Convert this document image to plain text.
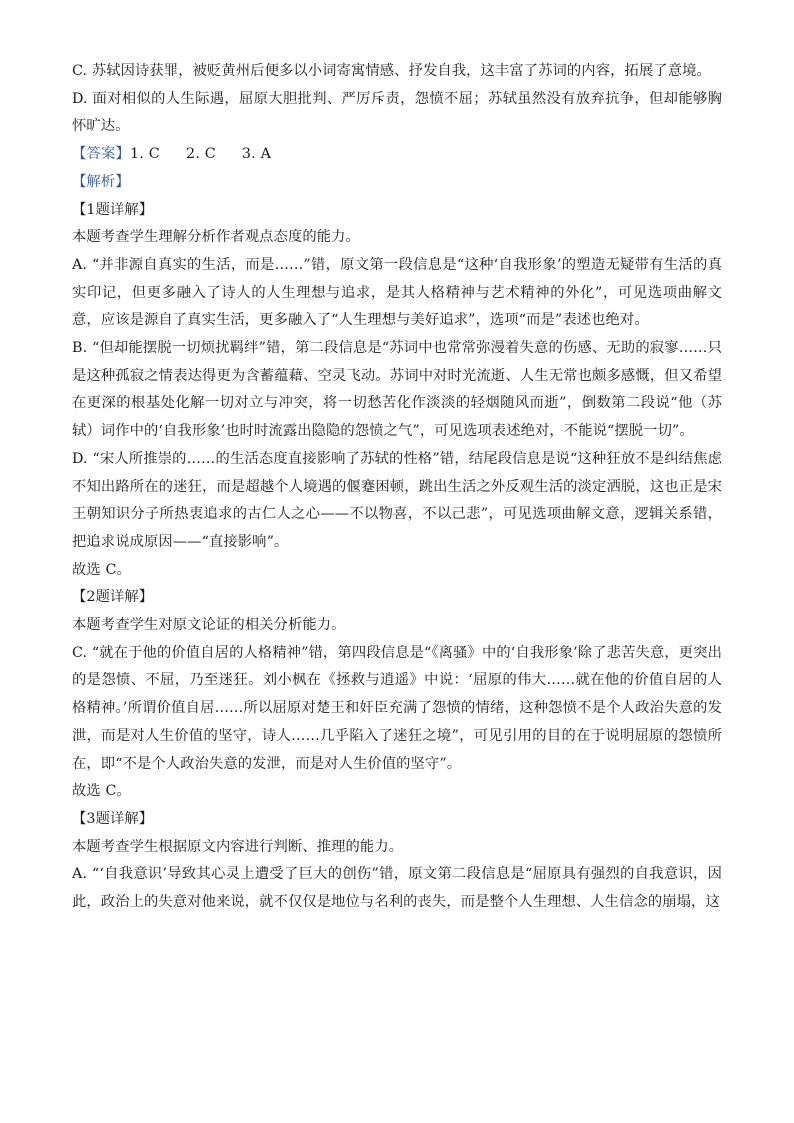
C. 苏轼因诗获罪，被贬黄州后便多以小词寄寓情感、抒发自我，这丰富了苏词的内容，拓展了意境。

D. 面对相似的人生际遇，屈原大胆批判、严厉斥责，怨愤不屈；苏轼虽然没有放弃抗争，但却能够胸怀旷达。

【答案】1. C 2. C 3. A

【解析】

【1题详解】

本题考查学生理解分析作者观点态度的能力。

A. “并非源自真实的生活，而是……”错，原文第一段信息是“这种‘自我形象’的塑造无疑带有生活的真实印记，但更多融入了诗人的人生理想与追求，是其人格精神与艺术精神的外化”，可见选项曲解文意，应该是源自了真实生活，更多融入了“人生理想与美好追求”，选项“而是”表述也绝对。

B. “但却能摆脱一切烦扰羁绊”错，第二段信息是“苏词中也常常弥漫着失意的伤感、无助的寂寥……只是这种孤寂之情表达得更为含蓄蕴藉、空灵飞动。苏词中对时光流逝、人生无常也颇多感慨，但又希望在更深的根基处化解一切对立与冲突，将一切愁苦化作淡淡的轻烟随风而逝”，倒数第二段说“他（苏轼）词作中的‘自我形象’也时时流露出隐隐的怨愤之气”，可见选项表述绝对，不能说“摆脱一切”。

D. “宋人所推崇的……的生活态度直接影响了苏轼的性格”错，结尾段信息是说“这种狂放不是纠结焦虑不知出路所在的迷狂，而是超越个人境遇的偃蹇困顿，跳出生活之外反观生活的淡定洒脱，这也正是宋王朝知识分子所热衷追求的古仁人之心——不以物喜，不以己悲”，可见选项曲解文意，逻辑关系错，把追求说成原因——“直接影响”。

故选 C。

【2题详解】

本题考查学生对原文论证的相关分析能力。

C. “就在于他的价值自居的人格精神”错，第四段信息是“《离骚》中的‘自我形象’除了悲苦失意，更突出的是怨愤、不屈，乃至迷狂。刘小枫在《拯救与逍遥》中说：‘屈原的伟大……就在他的价值自居的人格精神。’所谓价值自居……所以屈原对楚王和奸臣充满了怨愤的情绪，这种怨愤不是个人政治失意的发泄，而是对人生价值的坚守，诗人……几乎陷入了迷狂之境”，可见引用的目的在于说明屈原的怨愤所在，即“不是个人政治失意的发泄，而是对人生价值的坚守”。

故选 C。

【3题详解】

本题考查学生根据原文内容进行判断、推理的能力。

A. “‘自我意识’导致其心灵上遭受了巨大的创伤”错，原文第二段信息是“屈原具有强烈的自我意识，因此，政治上的失意对他来说，就不仅仅是地位与名利的丧失，而是整个人生理想、人生信念的崩塌，这
